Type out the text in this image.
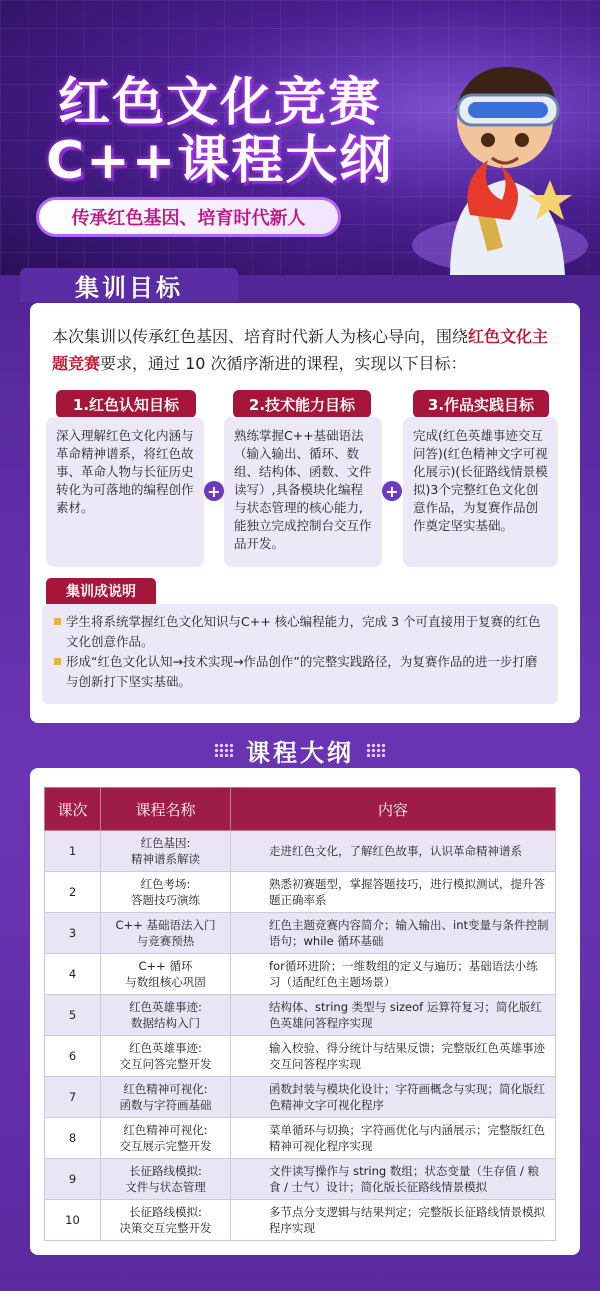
红色文化竞赛
C++课程大纲
传承红色基因、培育时代新人
集训目标
本次集训以传承红色基因、培育时代新人为核心导向，围绕红色文化主题竞赛要求，通过 10 次循序渐进的课程，实现以下目标：
1.红色认知目标
深入理解红色文化内涵与革命精神谱系，将红色故事、革命人物与长征历史转化为可落地的编程创作素材。
+
2.技术能力目标
熟练掌握C++基础语法（输入输出、循环、数组、结构体、函数、文件读写）,具备模块化编程与状态管理的核心能力,能独立完成控制台交互作品开发。
+
3.作品实践目标
完成(红色英雄事迹交互问答)(红色精神文字可视化展示)(长征路线情景模拟)3个完整红色文化创意作品，为复赛作品创作奠定坚实基础。
集训成说明
学生将系统掌握红色文化知识与C++ 核心编程能力，完成 3 个可直接用于复赛的红色文化创意作品。
形成“红色文化认知→技术实现→作品创作”的完整实践路径，为复赛作品的进一步打磨与创新打下坚实基础。
课程大纲
课次	课程名称	内容
1	红色基因:
精神谱系解读	走进红色文化，了解红色故事，认识革命精神谱系
2	红色考场:
答题技巧演练	熟悉初赛题型，掌握答题技巧，进行模拟测试，提升答题正确率系
3	C++ 基础语法入门
与竞赛预热	红色主题竞赛内容简介；输入输出、int变量与条件控制语句；while 循环基础
4	C++ 循环
与数组核心巩固	for循环进阶；一维数组的定义与遍历；基础语法小练习（适配红色主题场景）
5	红色英雄事迹:
数据结构入门	结构体、string 类型与 sizeof 运算符复习；简化版红色英雄问答程序实现
6	红色英雄事迹:
交互问答完整开发	输入校验、得分统计与结果反馈；完整版红色英雄事迹交互问答程序实现
7	红色精神可视化:
函数与字符画基础	函数封装与模块化设计；字符画概念与实现；简化版红色精神文字可视化程序
8	红色精神可视化:
交互展示完整开发	菜单循环与切换；字符画优化与内涵展示；完整版红色精神可视化程序实现
9	长征路线模拟:
文件与状态管理	文件读写操作与 string 数组；状态变量（生存值 / 粮食 / 士气）设计；简化版长征路线情景模拟
10	长征路线模拟:
决策交互完整开发	多节点分支逻辑与结果判定；完整版长征路线情景模拟程序实现
